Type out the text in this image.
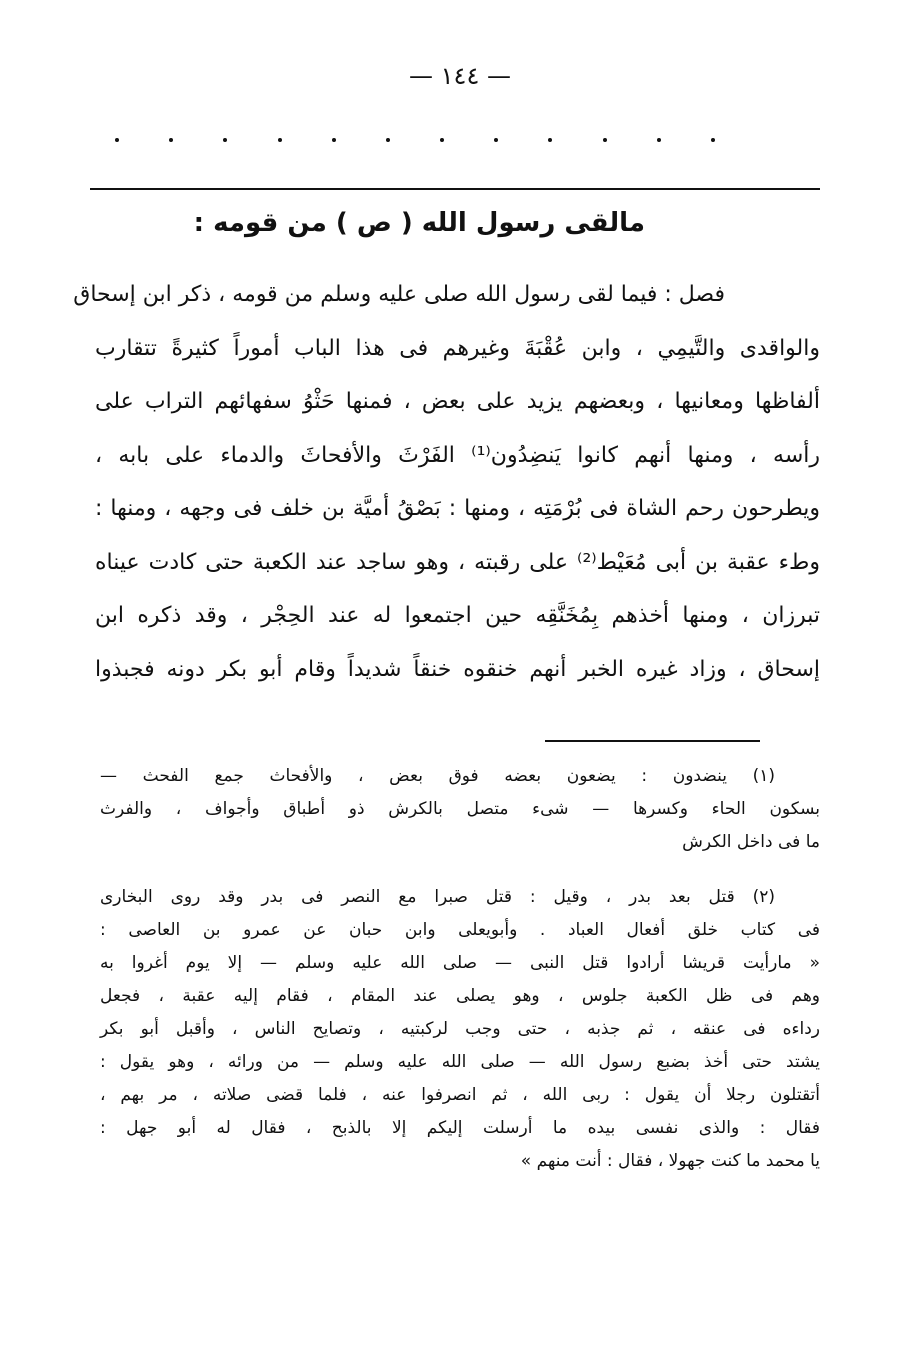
— ١٤٤ —
مالقى رسول الله ( ص ) من قومه :
فصل : فيما لقى رسول الله صلى عليه وسلم من قومه ، ذكر ابن إسحاق
والواقدى والتَّيمِي ، وابن عُقْبَةَ وغيرهم فى هذا الباب أموراً كثيرةً تتقارب
ألفاظها ومعانيها ، وبعضهم يزيد على بعض ، فمنها حَثْوُ سفهائهم التراب على
رأسه ، ومنها أنهم كانوا يَنضِدُون⁽¹⁾ الفَرْثَ والأفحاثَ والدماء على بابه ،
ويطرحون رحم الشاة فى بُرْمَتِه ، ومنها : بَصْقُ أميَّة بن خلف فى وجهه ، ومنها :
وطء عقبة بن أبى مُعَيْط⁽²⁾ على رقبته ، وهو ساجد عند الكعبة حتى كادت عيناه
تبرزان ، ومنها أخذهم بِمُخَنَّقِه حين اجتمعوا له عند الحِجْر ، وقد ذكره ابن
إسحاق ، وزاد غيره الخبر أنهم خنقوه خنقاً شديداً وقام أبو بكر دونه فجبذوا
(١) ينضدون : يضعون بعضه فوق بعض ، والأفحاث جمع الفحث —
بسكون الحاء وكسرها — شىء متصل بالكرش ذو أطباق وأجواف ، والفرث
ما فى داخل الكرش
(٢) قتل بعد بدر ، وقيل : قتل صبرا مع النصر فى بدر وقد روى البخارى
فى كتاب خلق أفعال العباد . وأبويعلى وابن حبان عن عمرو بن العاصى :
« مارأيت قريشا أرادوا قتل النبى — صلى الله عليه وسلم — إلا يوم أغروا به
وهم فى ظل الكعبة جلوس ، وهو يصلى عند المقام ، فقام إليه عقبة ، فجعل
رداءه فى عنقه ، ثم جذبه ، حتى وجب لركبتيه ، وتصايح الناس ، وأقبل أبو بكر
يشتد حتى أخذ بضبع رسول الله — صلى الله عليه وسلم — من ورائه ، وهو يقول :
أتقتلون رجلا أن يقول : ربى الله ، ثم انصرفوا عنه ، فلما قضى صلاته ، مر بهم ،
فقال : والذى نفسى بيده ما أرسلت إليكم إلا بالذبح ، فقال له أبو جهل :
يا محمد ما كنت جهولا ، فقال : أنت منهم »
